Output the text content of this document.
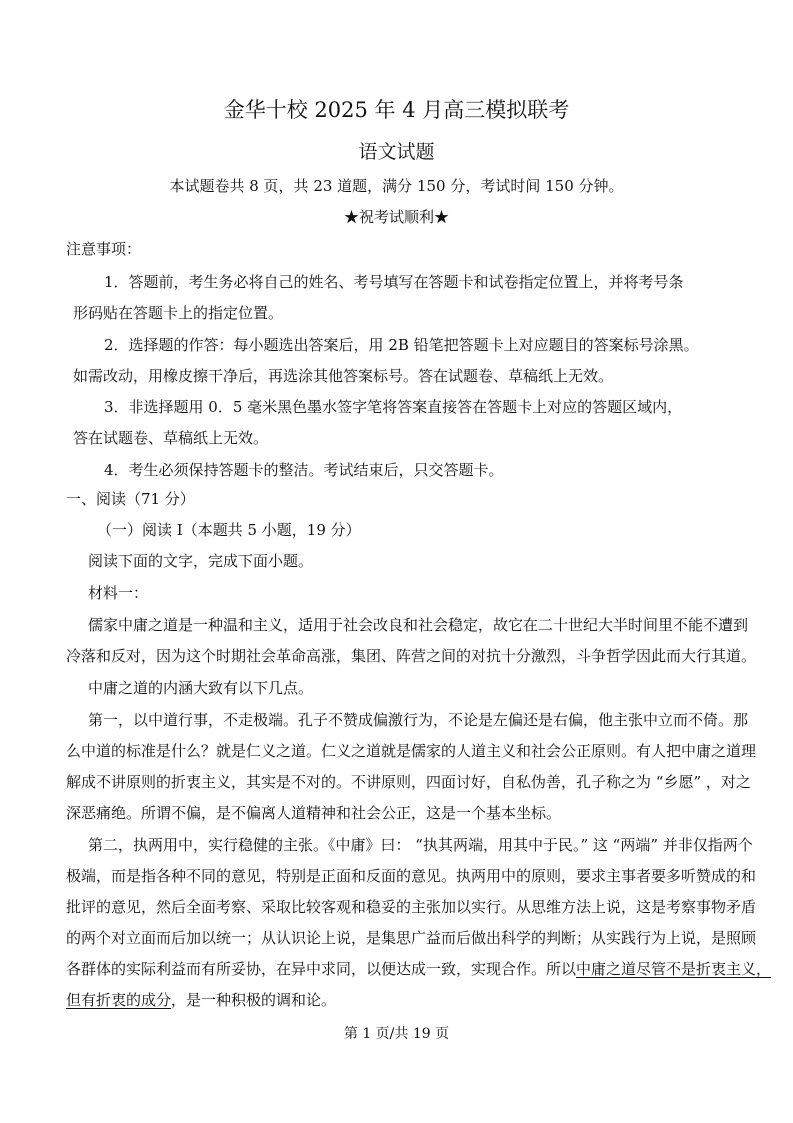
金华十校 2025 年 4 月高三模拟联考
语文试题
本试题卷共 8 页，共 23 道题，满分 150 分，考试时间 150 分钟。
★祝考试顺利★
注意事项：
1．答题前，考生务必将自己的姓名、考号填写在答题卡和试卷指定位置上，并将考号条
形码贴在答题卡上的指定位置。
2．选择题的作答：每小题选出答案后，用 2B 铅笔把答题卡上对应题目的答案标号涂黑。
如需改动，用橡皮擦干净后，再选涂其他答案标号。答在试题卷、草稿纸上无效。
3．非选择题用 0．5 毫米黑色墨水签字笔将答案直接答在答题卡上对应的答题区域内，
答在试题卷、草稿纸上无效。
4．考生必须保持答题卡的整洁。考试结束后，只交答题卡。
一、阅读（71 分）
（一）阅读 I（本题共 5 小题，19 分）
阅读下面的文字，完成下面小题。
材料一：
儒家中庸之道是一种温和主义，适用于社会改良和社会稳定，故它在二十世纪大半时间里不能不遭到
冷落和反对，因为这个时期社会革命高涨，集团、阵营之间的对抗十分激烈，斗争哲学因此而大行其道。
中庸之道的内涵大致有以下几点。
第一，以中道行事，不走极端。孔子不赞成偏激行为，不论是左偏还是右偏，他主张中立而不倚。那
么中道的标准是什么？就是仁义之道。仁义之道就是儒家的人道主义和社会公正原则。有人把中庸之道理
解成不讲原则的折衷主义，其实是不对的。不讲原则，四面讨好，自私伪善，孔子称之为 “乡愿” ，对之
深恶痛绝。所谓不偏，是不偏离人道精神和社会公正，这是一个基本坐标。
第二，执两用中，实行稳健的主张。《中庸》曰： “执其两端，用其中于民。” 这 “两端” 并非仅指两个
极端，而是指各种不同的意见，特别是正面和反面的意见。执两用中的原则，要求主事者要多听赞成的和
批评的意见，然后全面考察、采取比较客观和稳妥的主张加以实行。从思维方法上说，这是考察事物矛盾
的两个对立面而后加以统一；从认识论上说，是集思广益而后做出科学的判断；从实践行为上说，是照顾
各群体的实际利益而有所妥协，在异中求同，以便达成一致，实现合作。所以中庸之道尽管不是折衷主义，
但有折衷的成分，是一种积极的调和论。
第 1 页/共 19 页
